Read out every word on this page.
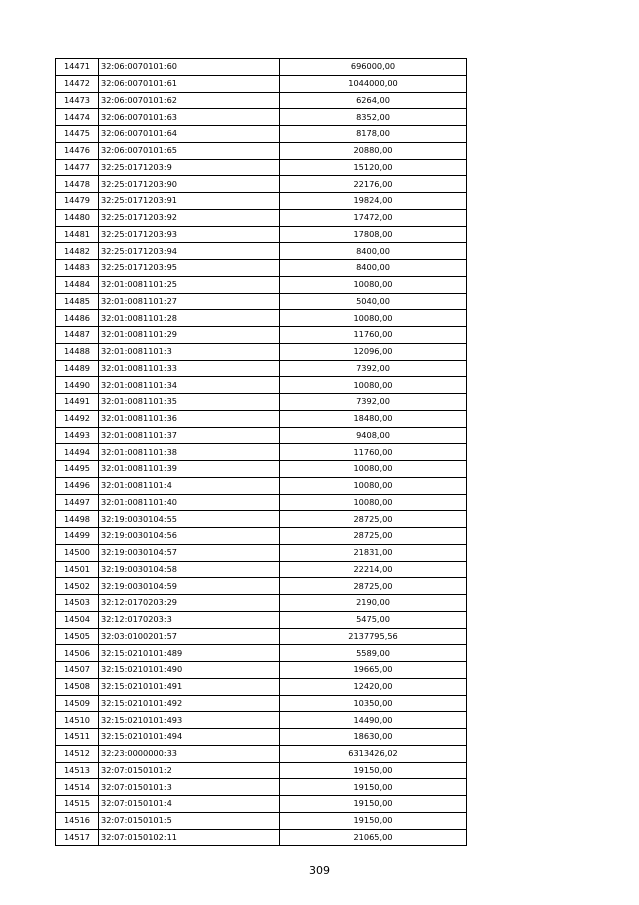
14471	32:06:0070101:60	696000,00
14472	32:06:0070101:61	1044000,00
14473	32:06:0070101:62	6264,00
14474	32:06:0070101:63	8352,00
14475	32:06:0070101:64	8178,00
14476	32:06:0070101:65	20880,00
14477	32:25:0171203:9	15120,00
14478	32:25:0171203:90	22176,00
14479	32:25:0171203:91	19824,00
14480	32:25:0171203:92	17472,00
14481	32:25:0171203:93	17808,00
14482	32:25:0171203:94	8400,00
14483	32:25:0171203:95	8400,00
14484	32:01:0081101:25	10080,00
14485	32:01:0081101:27	5040,00
14486	32:01:0081101:28	10080,00
14487	32:01:0081101:29	11760,00
14488	32:01:0081101:3	12096,00
14489	32:01:0081101:33	7392,00
14490	32:01:0081101:34	10080,00
14491	32:01:0081101:35	7392,00
14492	32:01:0081101:36	18480,00
14493	32:01:0081101:37	9408,00
14494	32:01:0081101:38	11760,00
14495	32:01:0081101:39	10080,00
14496	32:01:0081101:4	10080,00
14497	32:01:0081101:40	10080,00
14498	32:19:0030104:55	28725,00
14499	32:19:0030104:56	28725,00
14500	32:19:0030104:57	21831,00
14501	32:19:0030104:58	22214,00
14502	32:19:0030104:59	28725,00
14503	32:12:0170203:29	2190,00
14504	32:12:0170203:3	5475,00
14505	32:03:0100201:57	2137795,56
14506	32:15:0210101:489	5589,00
14507	32:15:0210101:490	19665,00
14508	32:15:0210101:491	12420,00
14509	32:15:0210101:492	10350,00
14510	32:15:0210101:493	14490,00
14511	32:15:0210101:494	18630,00
14512	32:23:0000000:33	6313426,02
14513	32:07:0150101:2	19150,00
14514	32:07:0150101:3	19150,00
14515	32:07:0150101:4	19150,00
14516	32:07:0150101:5	19150,00
14517	32:07:0150102:11	21065,00
309
